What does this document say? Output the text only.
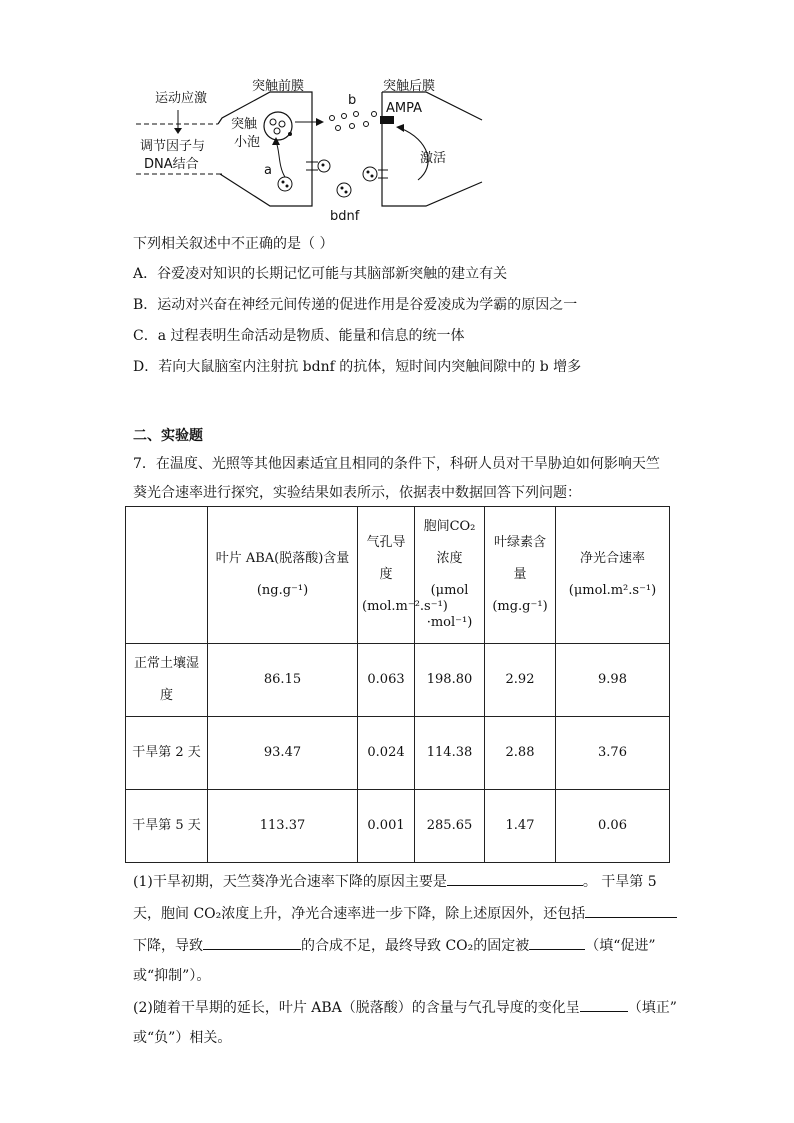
运动应激
调节因子与
DNA结合
突触前膜	突触后膜
突触
小泡
a
b
AMPA
激活
bdnf
下列相关叙述中不正确的是（ ）
A．谷爱凌对知识的长期记忆可能与其脑部新突触的建立有关
B．运动对兴奋在神经元间传递的促进作用是谷爱凌成为学霸的原因之一
C．a 过程表明生命活动是物质、能量和信息的统一体
D．若向大鼠脑室内注射抗 bdnf 的抗体，短时间内突触间隙中的 b 增多
二、实验题
7．在温度、光照等其他因素适宜且相同的条件下，科研人员对干旱胁迫如何影响天竺
葵光合速率进行探究，实验结果如表所示，依据表中数据回答下列问题：
	叶片 ABA(脱落酸)含量(ng.g⁻¹)	气孔导度(mol.m⁻².s⁻¹)	胞间CO₂浓度(μmol ·mol⁻¹)	叶绿素含量(mg.g⁻¹)	净光合速率(μmol.m².s⁻¹)
正常土壤湿度	86.15	0.063	198.80	2.92	9.98
干旱第 2 天	93.47	0.024	114.38	2.88	3.76
干旱第 5 天	113.37	0.001	285.65	1.47	0.06
(1)干旱初期，天竺葵净光合速率下降的原因主要是	。 干旱第 5
天，胞间 CO₂浓度上升，净光合速率进一步下降，除上述原因外，还包括
下降，导致	的合成不足，最终导致 CO₂的固定被	（填“促进”
或“抑制”）。
(2)随着干旱期的延长，叶片 ABA（脱落酸）的含量与气孔导度的变化呈	（填正”
或“负”）相关。
